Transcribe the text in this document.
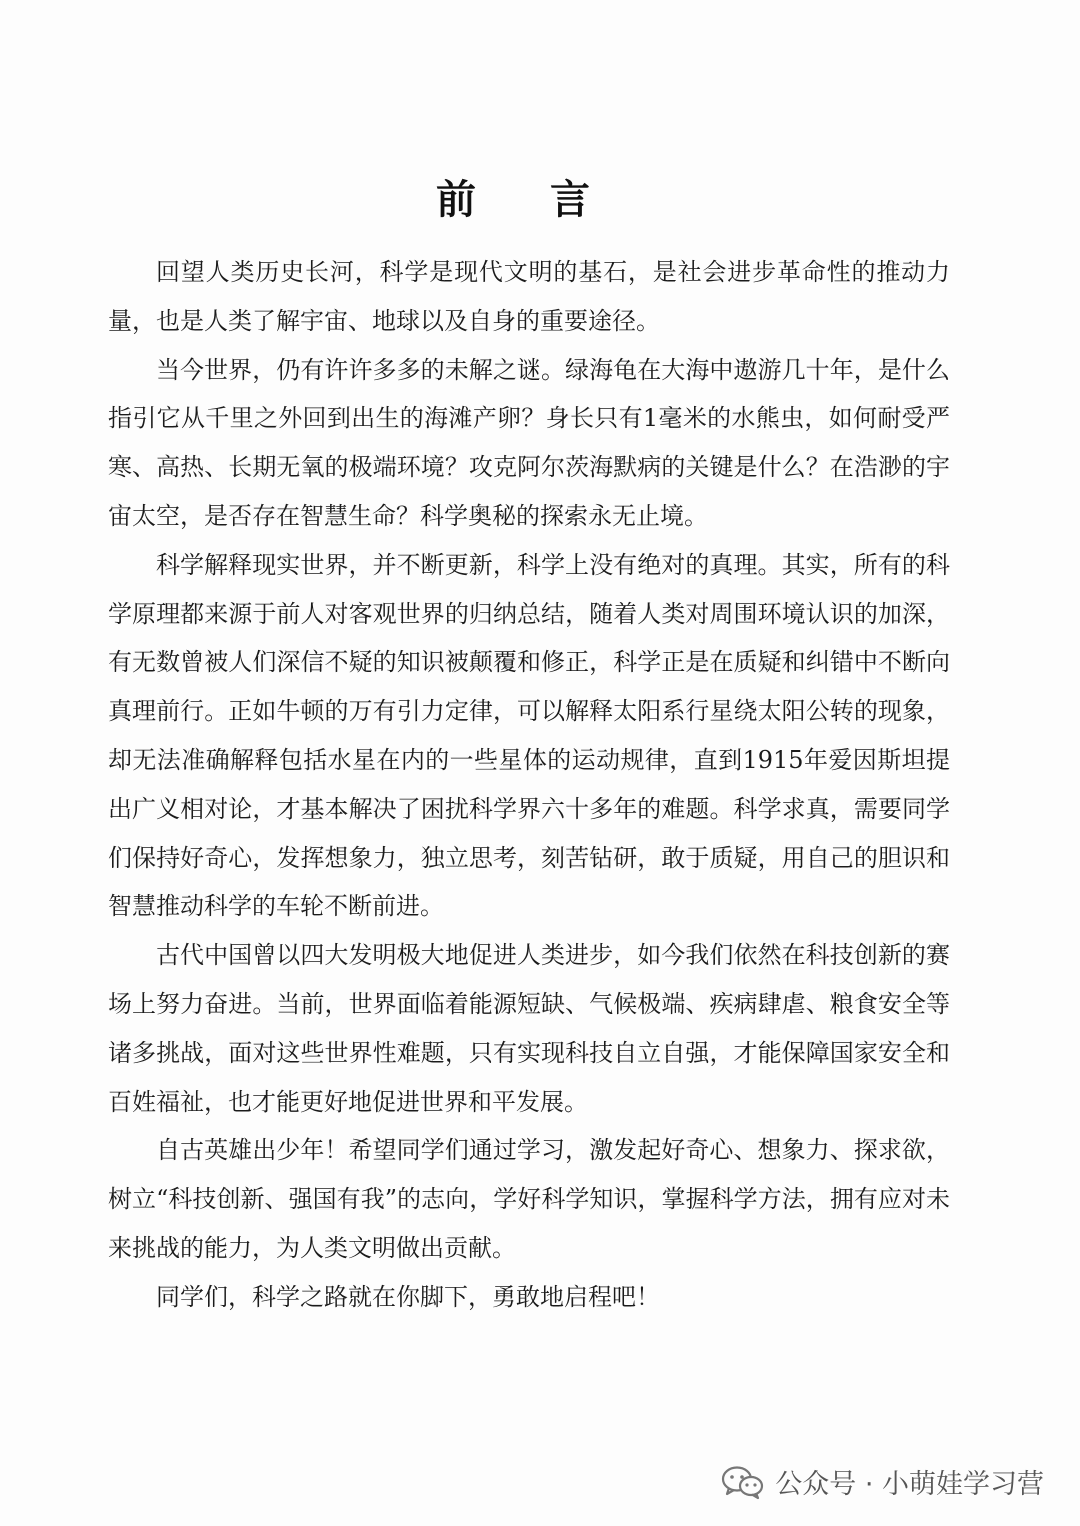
前 言

回望人类历史长河，科学是现代文明的基石，是社会进步革命性的推动力量，也是人类了解宇宙、地球以及自身的重要途径。

当今世界，仍有许许多多的未解之谜。绿海龟在大海中遨游几十年，是什么指引它从千里之外回到出生的海滩产卵？身长只有1毫米的水熊虫，如何耐受严寒、高热、长期无氧的极端环境？攻克阿尔茨海默病的关键是什么？在浩渺的宇宙太空，是否存在智慧生命？科学奥秘的探索永无止境。

科学解释现实世界，并不断更新，科学上没有绝对的真理。其实，所有的科学原理都来源于前人对客观世界的归纳总结，随着人类对周围环境认识的加深，有无数曾被人们深信不疑的知识被颠覆和修正，科学正是在质疑和纠错中不断向真理前行。正如牛顿的万有引力定律，可以解释太阳系行星绕太阳公转的现象，却无法准确解释包括水星在内的一些星体的运动规律，直到1915年爱因斯坦提出广义相对论，才基本解决了困扰科学界六十多年的难题。科学求真，需要同学们保持好奇心，发挥想象力，独立思考，刻苦钻研，敢于质疑，用自己的胆识和智慧推动科学的车轮不断前进。

古代中国曾以四大发明极大地促进人类进步，如今我们依然在科技创新的赛场上努力奋进。当前，世界面临着能源短缺、气候极端、疾病肆虐、粮食安全等诸多挑战，面对这些世界性难题，只有实现科技自立自强，才能保障国家安全和百姓福祉，也才能更好地促进世界和平发展。

自古英雄出少年！希望同学们通过学习，激发起好奇心、想象力、探求欲，树立“科技创新、强国有我”的志向，学好科学知识，掌握科学方法，拥有应对未来挑战的能力，为人类文明做出贡献。

同学们，科学之路就在你脚下，勇敢地启程吧！

公众号 · 小萌娃学习营
